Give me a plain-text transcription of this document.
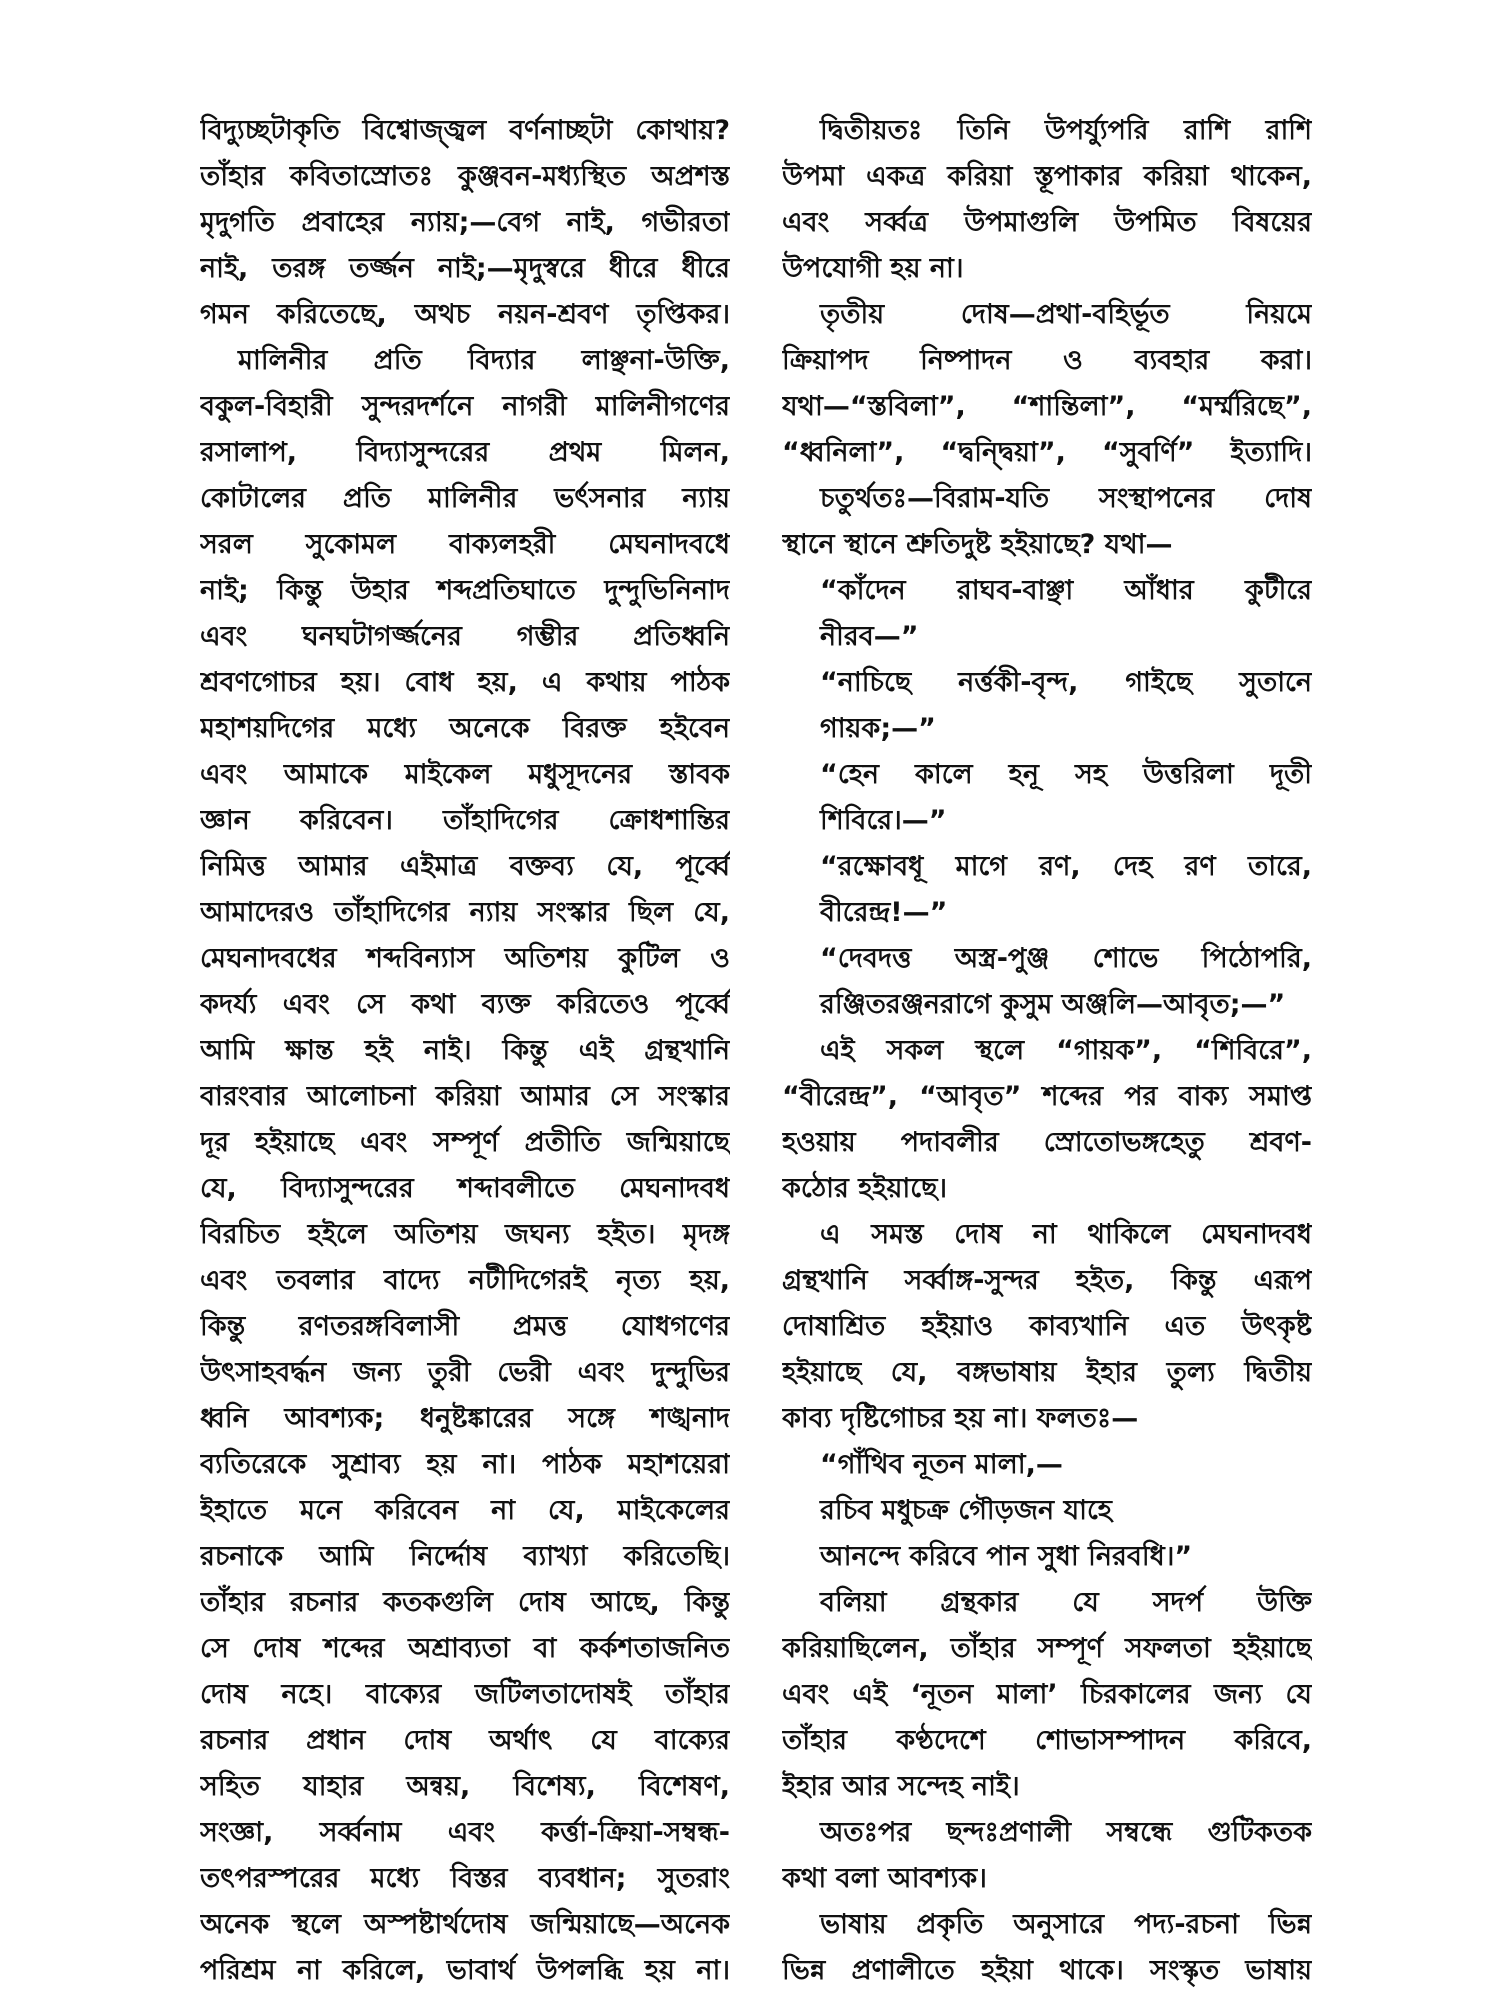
বিদ্যুচ্ছটাকৃতি বিশ্বোজ্জ্বল বর্ণনাচ্ছটা কোথায়?
তাঁহার কবিতাস্রোতঃ কুঞ্জবন-মধ্যস্থিত অপ্রশস্ত
মৃদুগতি প্রবাহের ন্যায়;—বেগ নাই, গভীরতা
নাই, তরঙ্গ তর্জ্জন নাই;—মৃদুস্বরে ধীরে ধীরে
গমন করিতেছে, অথচ নয়ন-শ্রবণ তৃপ্তিকর।
মালিনীর প্রতি বিদ্যার লাঞ্ছনা-উক্তি,
বকুল-বিহারী সুন্দরদর্শনে নাগরী মালিনীগণের
রসালাপ, বিদ্যাসুন্দরের প্রথম মিলন,
কোটালের প্রতি মালিনীর ভর্ৎসনার ন্যায়
সরল সুকোমল বাক্যলহরী মেঘনাদবধে
নাই; কিন্তু উহার শব্দপ্রতিঘাতে দুন্দুভিনিনাদ
এবং ঘনঘটাগর্জ্জনের গম্ভীর প্রতিধ্বনি
শ্রবণগোচর হয়। বোধ হয়, এ কথায় পাঠক
মহাশয়দিগের মধ্যে অনেকে বিরক্ত হইবেন
এবং আমাকে মাইকেল মধুসূদনের স্তাবক
জ্ঞান করিবেন। তাঁহাদিগের ক্রোধশান্তির
নিমিত্ত আমার এইমাত্র বক্তব্য যে, পূর্ব্বে
আমাদেরও তাঁহাদিগের ন্যায় সংস্কার ছিল যে,
মেঘনাদবধের শব্দবিন্যাস অতিশয় কুটিল ও
কদর্য্য এবং সে কথা ব্যক্ত করিতেও পূর্ব্বে
আমি ক্ষান্ত হই নাই। কিন্তু এই গ্রন্থখানি
বারংবার আলোচনা করিয়া আমার সে সংস্কার
দূর হইয়াছে এবং সম্পূর্ণ প্রতীতি জন্মিয়াছে
যে, বিদ্যাসুন্দরের শব্দাবলীতে মেঘনাদবধ
বিরচিত হইলে অতিশয় জঘন্য হইত। মৃদঙ্গ
এবং তবলার বাদ্যে নটীদিগেরই নৃত্য হয়,
কিন্তু রণতরঙ্গবিলাসী প্রমত্ত যোধগণের
উৎসাহবর্দ্ধন জন্য তুরী ভেরী এবং দুন্দুভির
ধ্বনি আবশ্যক; ধনুষ্টঙ্কারের সঙ্গে শঙ্খনাদ
ব্যতিরেকে সুশ্রাব্য হয় না। পাঠক মহাশয়েরা
ইহাতে মনে করিবেন না যে, মাইকেলের
রচনাকে আমি নির্দ্দোষ ব্যাখ্যা করিতেছি।
তাঁহার রচনার কতকগুলি দোষ আছে, কিন্তু
সে দোষ শব্দের অশ্রাব্যতা বা কর্কশতাজনিত
দোষ নহে। বাক্যের জটিলতাদোষই তাঁহার
রচনার প্রধান দোষ অর্থাৎ যে বাক্যের
সহিত যাহার অন্বয়, বিশেষ্য, বিশেষণ,
সংজ্ঞা, সর্ব্বনাম এবং কর্ত্তা-ক্রিয়া-সম্বন্ধ-
তৎপরস্পরের মধ্যে বিস্তর ব্যবধান; সুতরাং
অনেক স্থলে অস্পষ্টার্থদোষ জন্মিয়াছে—অনেক
পরিশ্রম না করিলে, ভাবার্থ উপলব্ধি হয় না।
দ্বিতীয়তঃ তিনি উপর্য্যুপরি রাশি রাশি
উপমা একত্র করিয়া স্তূপাকার করিয়া থাকেন,
এবং সর্ব্বত্র উপমাগুলি উপমিত বিষয়ের
উপযোগী হয় না।
তৃতীয় দোষ—প্রথা-বহির্ভূত নিয়মে
ক্রিয়াপদ নিষ্পাদন ও ব্যবহার করা।
যথা—“স্তবিলা”, “শান্তিলা”, “মর্ম্মরিছে”,
“ধ্বনিলা”, “দ্বন্দ্বিয়া”, “সুবর্ণি” ইত্যাদি।
চতুর্থতঃ—বিরাম-যতি সংস্থাপনের দোষ
স্থানে স্থানে শ্রুতিদুষ্ট হইয়াছে? যথা—
“কাঁদেন রাঘব-বাঞ্ছা আঁধার কুটীরে
নীরব—”
“নাচিছে নর্ত্তকী-বৃন্দ, গাইছে সুতানে
গায়ক;—”
“হেন কালে হনূ সহ উত্তরিলা দূতী
শিবিরে।—”
“রক্ষোবধূ মাগে রণ, দেহ রণ তারে,
বীরেন্দ্র!—”
“দেবদত্ত অস্ত্র-পুঞ্জ শোভে পিঠোপরি,
রঞ্জিতরঞ্জনরাগে কুসুম অঞ্জলি—আবৃত;—”
এই সকল স্থলে “গায়ক”, “শিবিরে”,
“বীরেন্দ্র”, “আবৃত” শব্দের পর বাক্য সমাপ্ত
হওয়ায় পদাবলীর স্রোতোভঙ্গহেতু শ্রবণ-
কঠোর হইয়াছে।
এ সমস্ত দোষ না থাকিলে মেঘনাদবধ
গ্রন্থখানি সর্ব্বাঙ্গ-সুন্দর হইত, কিন্তু এরূপ
দোষাশ্রিত হইয়াও কাব্যখানি এত উৎকৃষ্ট
হইয়াছে যে, বঙ্গভাষায় ইহার তুল্য দ্বিতীয়
কাব্য দৃষ্টিগোচর হয় না। ফলতঃ—
“গাঁথিব নূতন মালা,—
রচিব মধুচক্র গৌড়জন যাহে
আনন্দে করিবে পান সুধা নিরবধি।”
বলিয়া গ্রন্থকার যে সদর্প উক্তি
করিয়াছিলেন, তাঁহার সম্পূর্ণ সফলতা হইয়াছে
এবং এই ‘নূতন মালা’ চিরকালের জন্য যে
তাঁহার কণ্ঠদেশে শোভাসম্পাদন করিবে,
ইহার আর সন্দেহ নাই।
অতঃপর ছন্দঃপ্রণালী সম্বন্ধে গুটিকতক
কথা বলা আবশ্যক।
ভাষায় প্রকৃতি অনুসারে পদ্য-রচনা ভিন্ন
ভিন্ন প্রণালীতে হইয়া থাকে। সংস্কৃত ভাষায়
